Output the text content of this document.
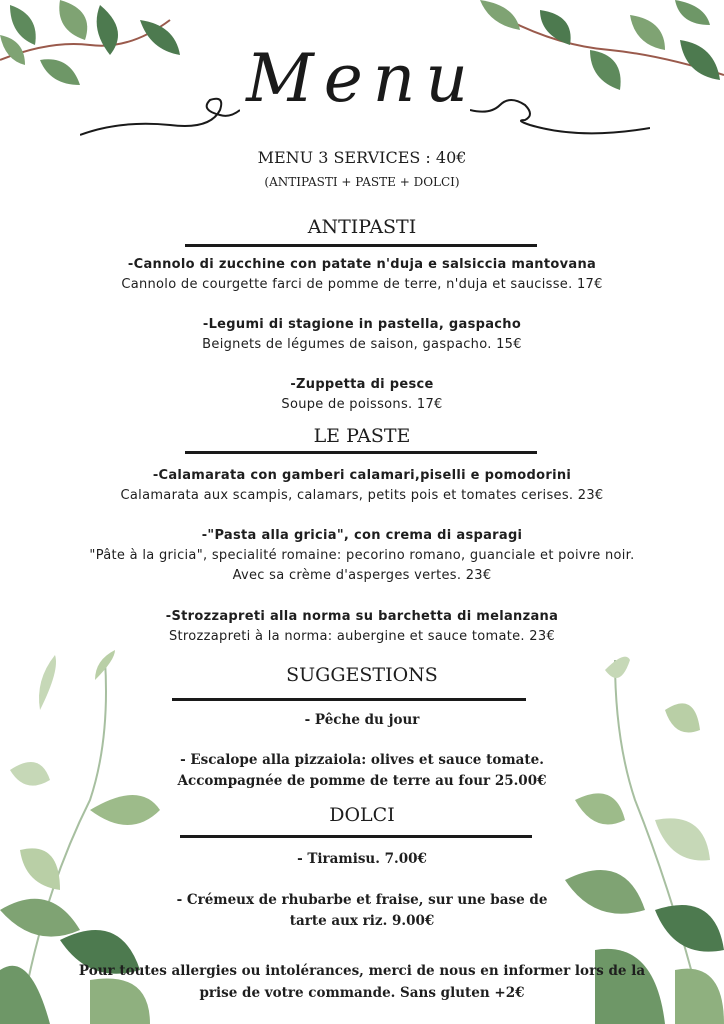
Menu
MENU 3 SERVICES : 40€
(ANTIPASTI + PASTE + DOLCI)
ANTIPASTI
-Cannolo di zucchine con patate n'duja e salsiccia mantovana
Cannolo de courgette farci de pomme de terre, n'duja et saucisse. 17€
-Legumi di stagione in pastella, gaspacho
Beignets de légumes de saison, gaspacho. 15€
-Zuppetta di pesce
Soupe de poissons. 17€
LE PASTE
-Calamarata con gamberi calamari,piselli e pomodorini
Calamarata aux scampis, calamars, petits pois et tomates cerises. 23€
-"Pasta alla gricia", con crema di asparagi
"Pâte à la gricia", specialité romaine: pecorino romano, guanciale et poivre noir.
Avec sa crème d'asperges vertes. 23€
-Strozzapreti alla norma su barchetta di melanzana
Strozzapreti à la norma: aubergine et sauce tomate. 23€
SUGGESTIONS
- Pêche du jour
- Escalope alla pizzaiola: olives et sauce tomate.
Accompagnée de pomme de terre au four 25.00€
DOLCI
- Tiramisu. 7.00€
- Crémeux de rhubarbe et fraise, sur une base de
tarte aux riz. 9.00€
Pour toutes allergies ou intolérances, merci de nous en informer lors de la
prise de votre commande. Sans gluten +2€
